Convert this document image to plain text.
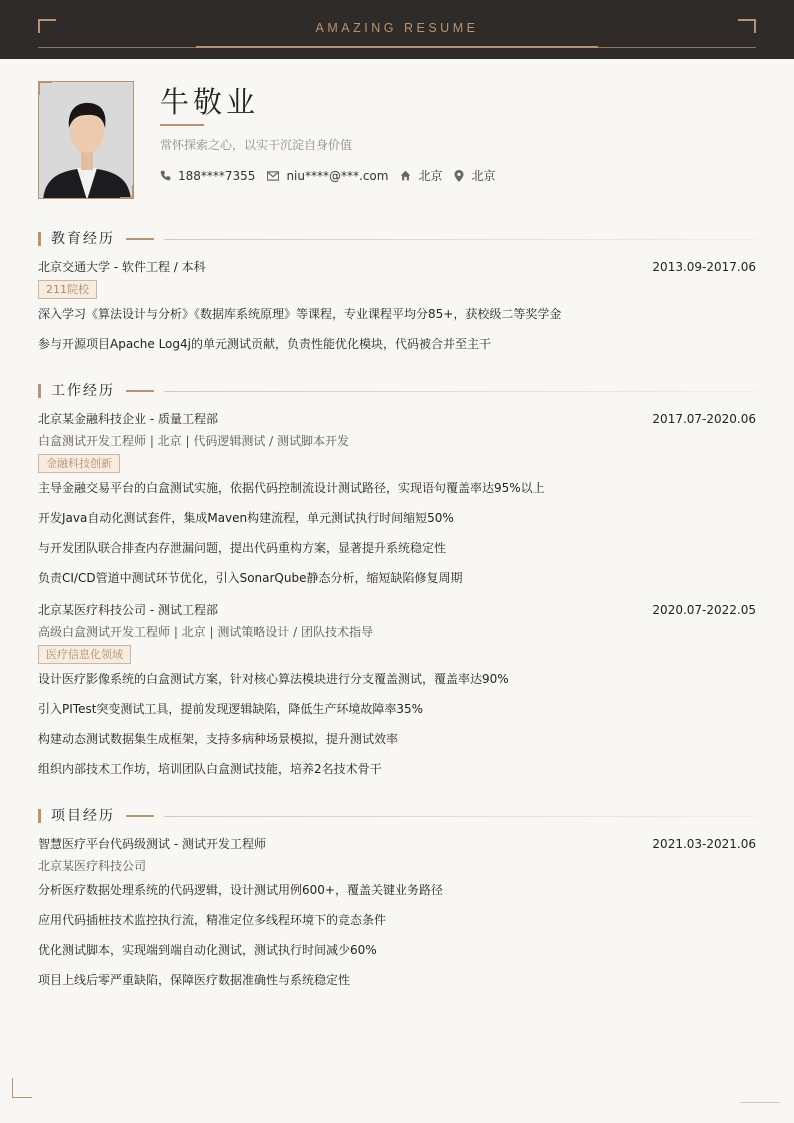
AMAZING RESUME
牛敬业
常怀探索之心，以实干沉淀自身价值
188****7355	niu****@***.com	北京 北京
教育经历
北京交通大学 - 软件工程 / 本科	2013.09-2017.06
211院校
深入学习《算法设计与分析》《数据库系统原理》等课程，专业课程平均分85+，获校级二等奖学金
参与开源项目Apache Log4j的单元测试贡献，负责性能优化模块，代码被合并至主干
工作经历
北京某金融科技企业 - 质量工程部	2017.07-2020.06
白盒测试开发工程师 | 北京 | 代码逻辑测试 / 测试脚本开发
金融科技创新
主导金融交易平台的白盒测试实施，依据代码控制流设计测试路径，实现语句覆盖率达95%以上
开发Java自动化测试套件，集成Maven构建流程，单元测试执行时间缩短50%
与开发团队联合排查内存泄漏问题，提出代码重构方案，显著提升系统稳定性
负责CI/CD管道中测试环节优化，引入SonarQube静态分析，缩短缺陷修复周期
北京某医疗科技公司 - 测试工程部	2020.07-2022.05
高级白盒测试开发工程师 | 北京 | 测试策略设计 / 团队技术指导
医疗信息化领域
设计医疗影像系统的白盒测试方案，针对核心算法模块进行分支覆盖测试，覆盖率达90%
引入PITest突变测试工具，提前发现逻辑缺陷，降低生产环境故障率35%
构建动态测试数据集生成框架，支持多病种场景模拟，提升测试效率
组织内部技术工作坊，培训团队白盒测试技能，培养2名技术骨干
项目经历
智慧医疗平台代码级测试 - 测试开发工程师	2021.03-2021.06
北京某医疗科技公司
分析医疗数据处理系统的代码逻辑，设计测试用例600+，覆盖关键业务路径
应用代码插桩技术监控执行流，精准定位多线程环境下的竞态条件
优化测试脚本，实现端到端自动化测试，测试执行时间减少60%
项目上线后零严重缺陷，保障医疗数据准确性与系统稳定性
